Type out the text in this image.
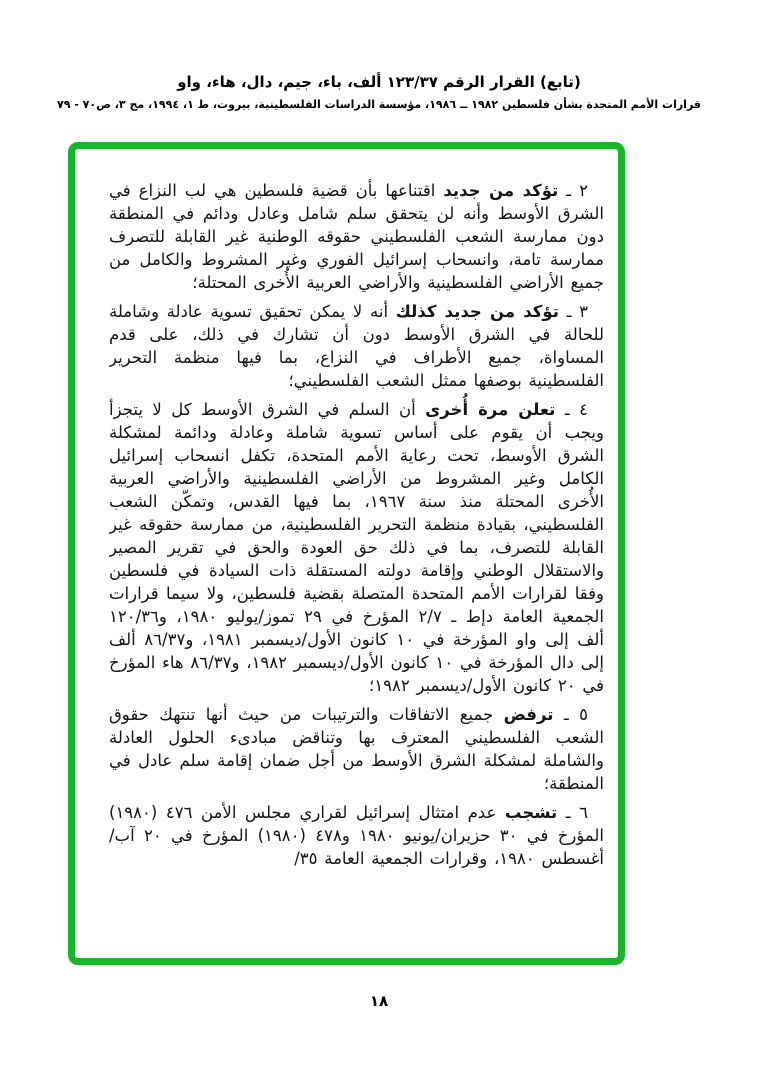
(تابع) القرار الرقم ١٢٣/٣٧ ألف، باء، جيم، دال، هاء، واو
قرارات الأمم المتحدة بشأن فلسطين ١٩٨٢ ــ ١٩٨٦، مؤسسة الدراسات الفلسطينية، بيروت، ط ١، ١٩٩٤، مج ٣، ص٧٠ - ٧٩

٢ ـ تؤكد من جديد اقتناعها بأن قضية فلسطين هي لب النزاع في الشرق الأوسط وأنه لن يتحقق سلم شامل وعادل ودائم في المنطقة دون ممارسة الشعب الفلسطيني حقوقه الوطنية غير القابلة للتصرف ممارسة تامة، وانسحاب إسرائيل الفوري وغير المشروط والكامل من جميع الأراضي الفلسطينية والأراضي العربية الأُخرى المحتلة؛

٣ ـ تؤكد من جديد كذلك أنه لا يمكن تحقيق تسوية عادلة وشاملة للحالة في الشرق الأوسط دون أن تشارك في ذلك، على قدم المساواة، جميع الأطراف في النزاع، بما فيها منظمة التحرير الفلسطينية بوصفها ممثل الشعب الفلسطيني؛

٤ ـ تعلن مرة أُخرى أن السلم في الشرق الأوسط كل لا يتجزأ ويجب أن يقوم على أساس تسوية شاملة وعادلة ودائمة لمشكلة الشرق الأوسط، تحت رعاية الأمم المتحدة، تكفل انسحاب إسرائيل الكامل وغير المشروط من الأراضي الفلسطينية والأراضي العربية الأُخرى المحتلة منذ سنة ١٩٦٧، بما فيها القدس، وتمكّن الشعب الفلسطيني، بقيادة منظمة التحرير الفلسطينية، من ممارسة حقوقه غير القابلة للتصرف، بما في ذلك حق العودة والحق في تقرير المصير والاستقلال الوطني وإقامة دولته المستقلة ذات السيادة في فلسطين وفقا لقرارات الأمم المتحدة المتصلة بقضية فلسطين، ولا سيما قرارات الجمعية العامة دإط ـ ٢/٧ المؤرخ في ٢٩ تموز/يوليو ١٩٨٠، و١٢٠/٣٦ ألف إلى واو المؤرخة في ١٠ كانون الأول/ديسمبر ١٩٨١، و٨٦/٣٧ ألف إلى دال المؤرخة في ١٠ كانون الأول/ديسمبر ١٩٨٢، و٨٦/٣٧ هاء المؤرخ في ٢٠ كانون الأول/ديسمبر ١٩٨٢؛

٥ ـ ترفض جميع الاتفاقات والترتيبات من حيث أنها تنتهك حقوق الشعب الفلسطيني المعترف بها وتناقض مبادىء الحلول العادلة والشاملة لمشكلة الشرق الأوسط من أجل ضمان إقامة سلم عادل في المنطقة؛

٦ ـ تشجب عدم امتثال إسرائيل لقراري مجلس الأمن ٤٧٦ (١٩٨٠) المؤرخ في ٣٠ حزيران/يونيو ١٩٨٠ و٤٧٨ (١٩٨٠) المؤرخ في ٢٠ آب/أغسطس ١٩٨٠، وقرارات الجمعية العامة ٣٥/

١٨
